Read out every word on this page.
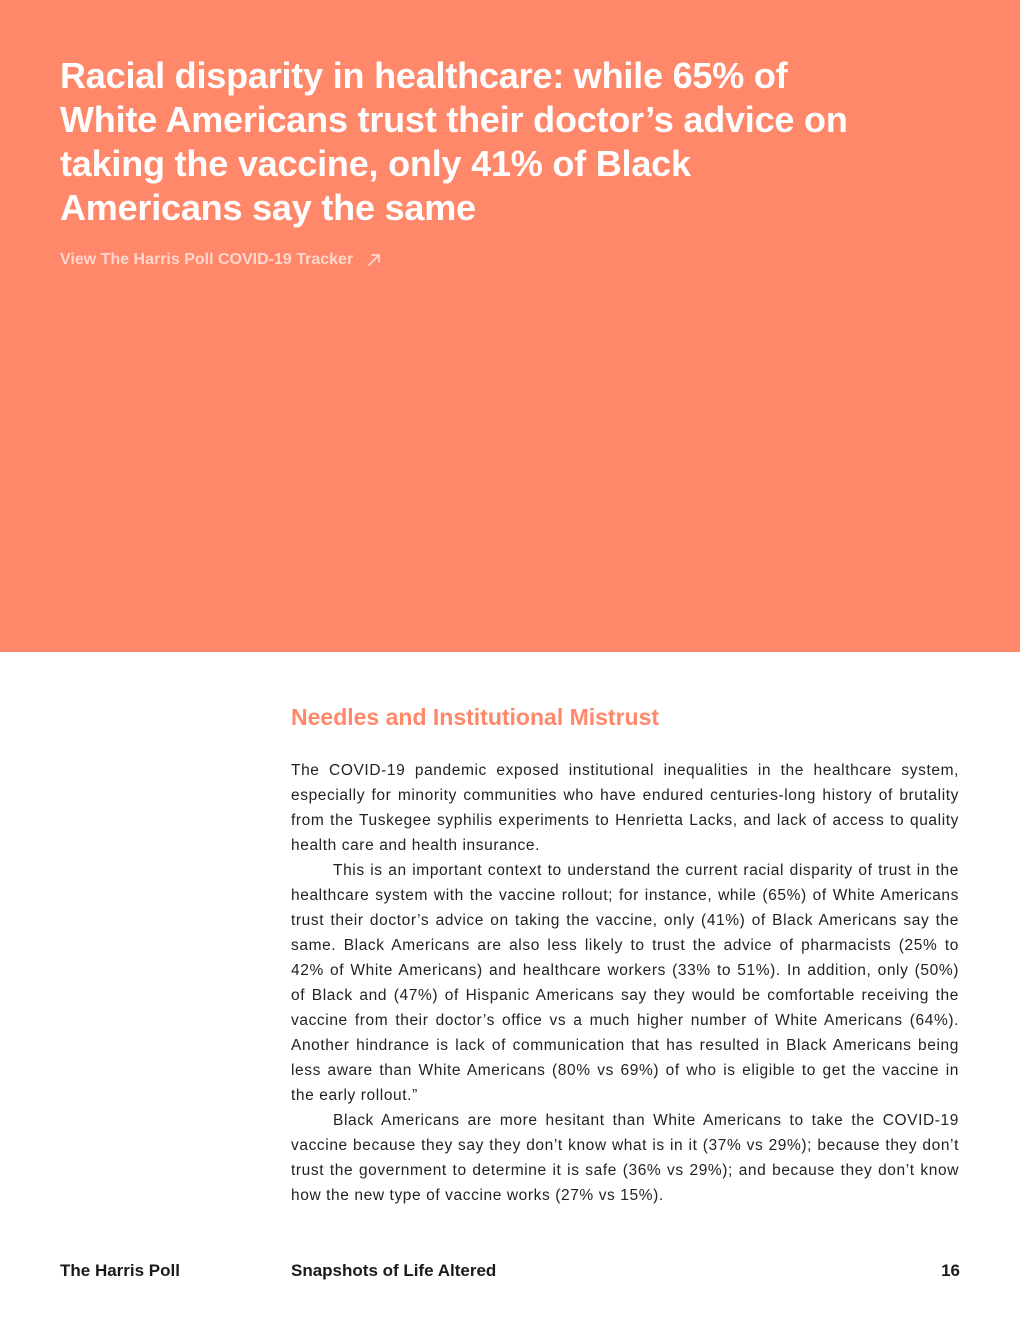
Racial disparity in healthcare: while 65% of White Americans trust their doctor’s advice on taking the vaccine, only 41% of Black Americans say the same
View The Harris Poll COVID-19 Tracker
Needles and Institutional Mistrust

The COVID-19 pandemic exposed institutional inequalities in the healthcare system, especially for minority communities who have endured centuries-long history of brutality from the Tuskegee syphilis experiments to Henrietta Lacks, and lack of access to quality health care and health insurance.

This is an important context to understand the current racial disparity of trust in the healthcare system with the vaccine rollout; for instance, while (65%) of White Americans trust their doctor’s advice on taking the vaccine, only (41%) of Black Americans say the same. Black Americans are also less likely to trust the advice of pharmacists (25% to 42% of White Americans) and healthcare workers (33% to 51%). In addition, only (50%) of Black and (47%) of Hispanic Americans say they would be comfortable receiving the vaccine from their doctor’s office vs a much higher number of White Americans (64%). Another hindrance is lack of communication that has resulted in Black Americans being less aware than White Americans (80% vs 69%) of who is eligible to get the vaccine in the early rollout.”

Black Americans are more hesitant than White Americans to take the COVID-19 vaccine because they say they don’t know what is in it (37% vs 29%); because they don’t trust the government to determine it is safe (36% vs 29%); and because they don’t know how the new type of vaccine works (27% vs 15%).

The Harris Poll	Snapshots of Life Altered	16
